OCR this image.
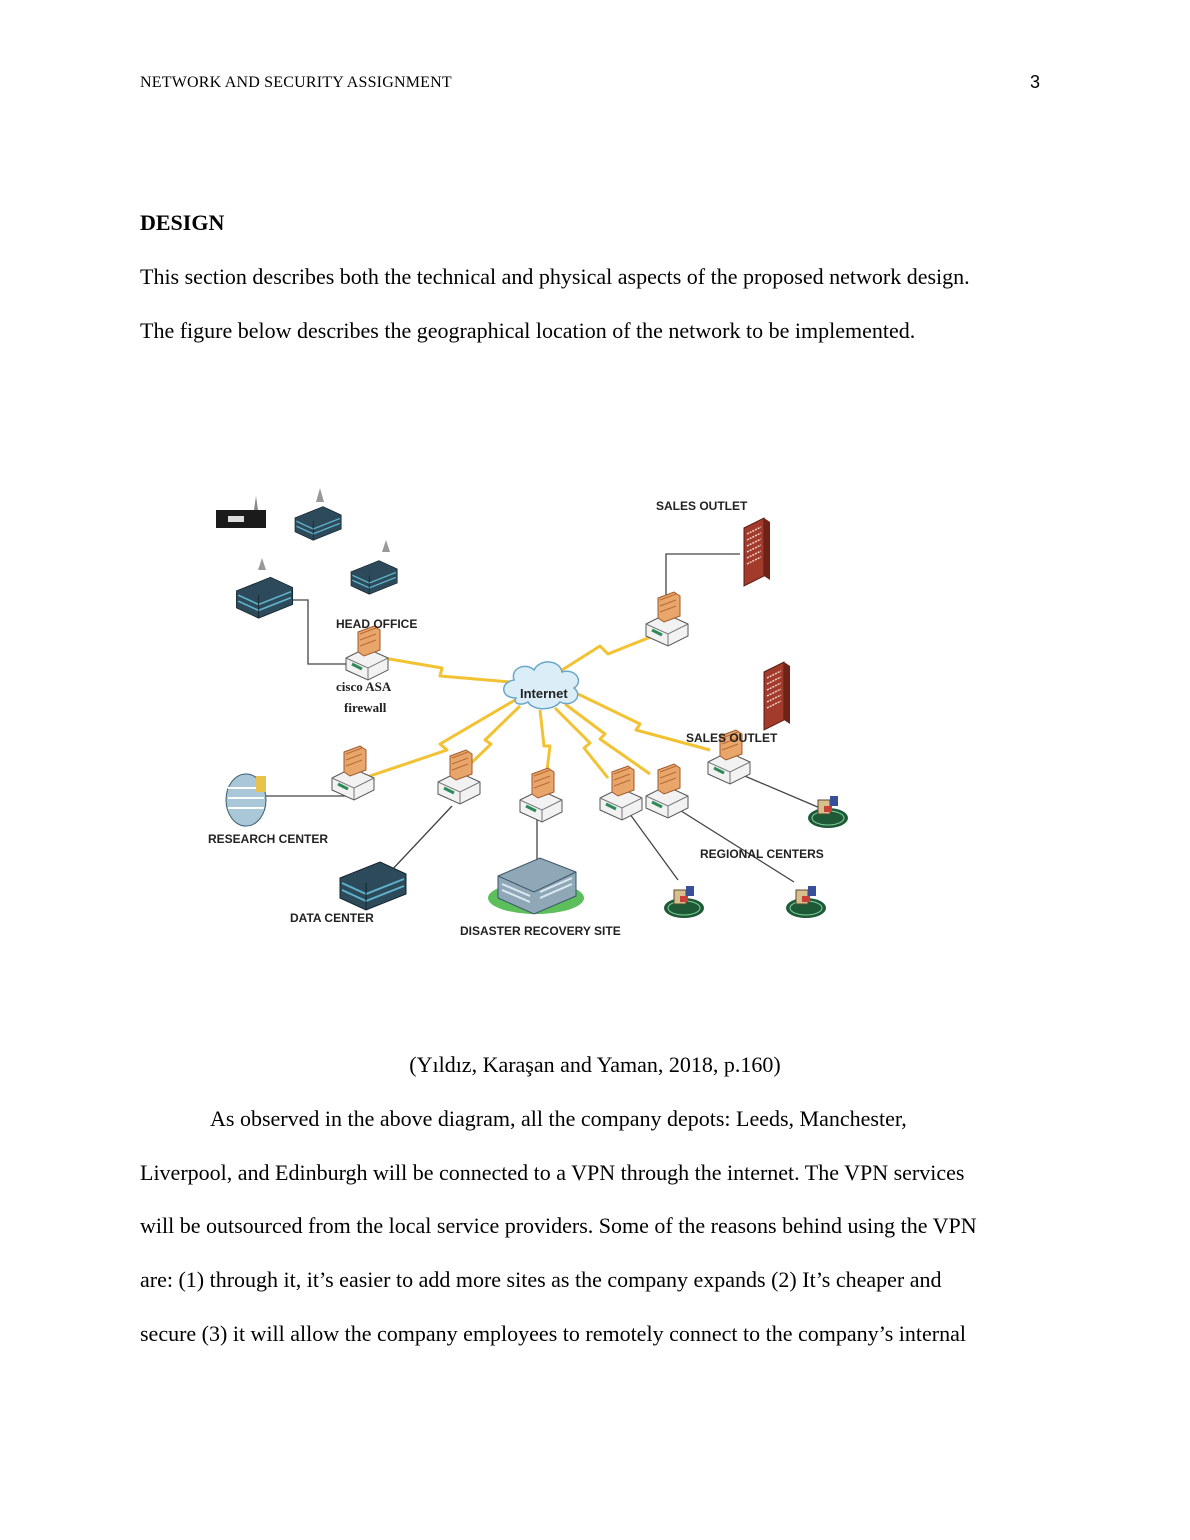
NETWORK AND SECURITY ASSIGNMENT	3
DESIGN
This section describes both the technical and physical aspects of the proposed network design.
The figure below describes the geographical location of the network to be implemented.
SALES OUTLET
HEAD OFFICE
cisco ASA
firewall
Internet
SALES OUTLET
RESEARCH CENTER
REGIONAL CENTERS
DATA CENTER
DISASTER RECOVERY SITE
(Yıldız, Karaşan and Yaman, 2018, p.160)
As observed in the above diagram, all the company depots: Leeds, Manchester,
Liverpool, and Edinburgh will be connected to a VPN through the internet. The VPN services
will be outsourced from the local service providers. Some of the reasons behind using the VPN
are: (1) through it, it’s easier to add more sites as the company expands (2) It’s cheaper and
secure (3) it will allow the company employees to remotely connect to the company’s internal
